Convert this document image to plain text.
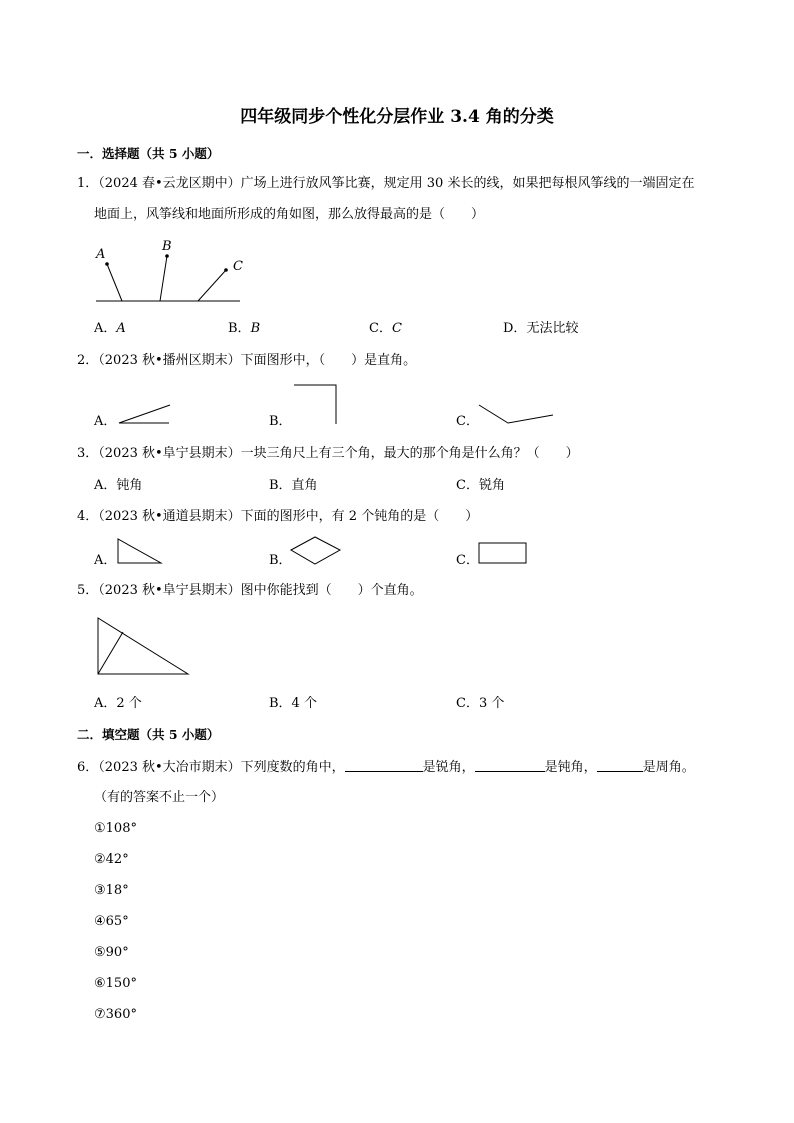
四年级同步个性化分层作业 3.4 角的分类
一．选择题（共 5 小题）
1．（2024 春•云龙区期中）广场上进行放风筝比赛，规定用 30 米长的线，如果把每根风筝线的一端固定在
地面上，风筝线和地面所形成的角如图，那么放得最高的是（　　）
A
B
C
A．A	B．B	C．C	D．无法比较
2．（2023 秋•播州区期末）下面图形中，（　　）是直角。
A．	B．	C．
3．（2023 秋•阜宁县期末）一块三角尺上有三个角，最大的那个角是什么角？（　　）
A．钝角	B．直角	C．锐角
4．（2023 秋•通道县期末）下面的图形中，有 2 个钝角的是（　　）
A．	B．	C．
5．（2023 秋•阜宁县期末）图中你能找到（　　）个直角。
A．2 个	B．4 个	C．3 个
二．填空题（共 5 小题）
6．（2023 秋•大冶市期末）下列度数的角中，	是锐角，	是钝角，	是周角。
（有的答案不止一个）
①108°
②42°
③18°
④65°
⑤90°
⑥150°
⑦360°
